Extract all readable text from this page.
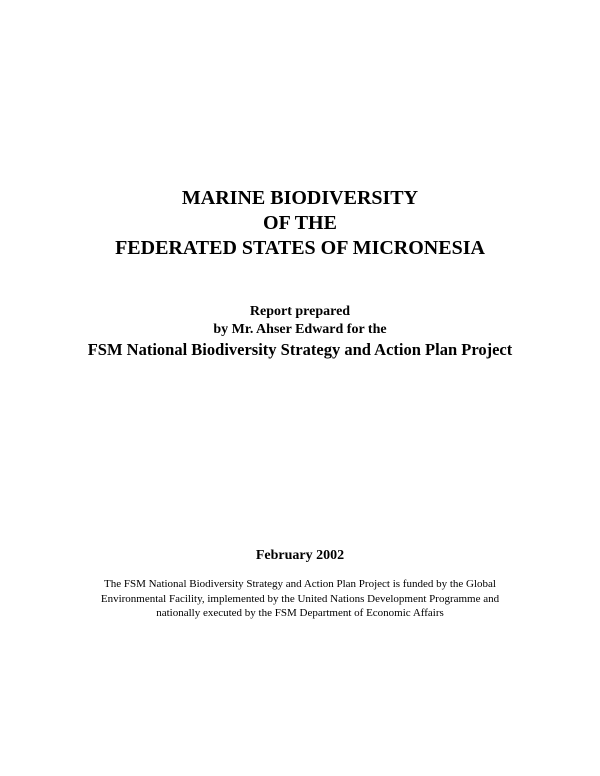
MARINE BIODIVERSITY

OF THE

FEDERATED STATES OF MICRONESIA

Report prepared

by Mr. Ahser Edward for the

FSM National Biodiversity Strategy and Action Plan Project

February 2002

The FSM National Biodiversity Strategy and Action Plan Project is funded by the Global

Environmental Facility, implemented by the United Nations Development Programme and

nationally executed by the FSM Department of Economic Affairs
